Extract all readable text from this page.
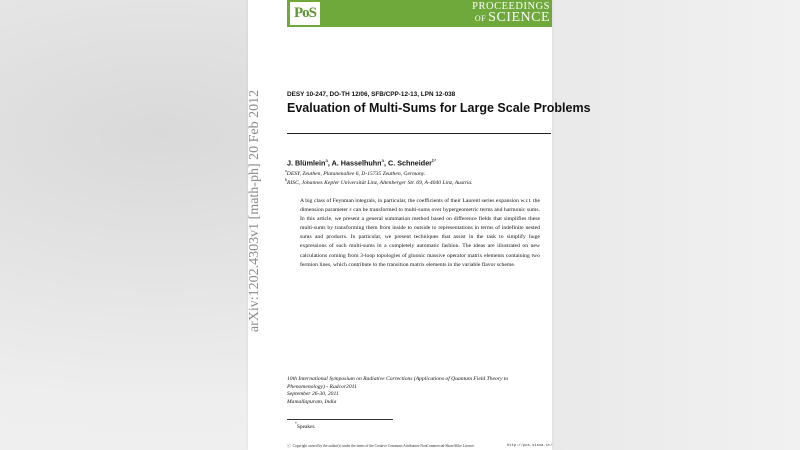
PoS	PROCEEDINGS
OF SCIENCE
arXiv:1202.4303v1 [math-ph] 20 Feb 2012	DESY 10-247, DO-TH 12/06, SFB/CPP-12-13, LPN 12-038
Evaluation of Multi-Sums for Large Scale Problems
J. Blümlein$^a$, A. Hasselhuhn$^a$, C. Schneider$^{b*}$
$^a$DESY, Zeuthen, Platanenallee 6, D-15735 Zeuthen, Germany.
$^b$RISC, Johannes Kepler Universität Linz, Altenberger Str. 69, A-4040 Linz, Austria.
A big class of Feynman integrals, in particular, the coefficients of their Laurent series expansion w.r.t. the dimension parameter ε can be transformed to multi-sums over hypergeometric terms and harmonic sums. In this article, we present a general summation method based on difference fields that simplifies these multi-sums by transforming them from inside to outside to representations in terms of indefinite nested sums and products. In particular, we present techniques that assist in the task to simplify huge expressions of such multi-sums in a completely automatic fashion. The ideas are illustrated on new calculations coming from 3-loop topologies of gluonic massive operator matrix elements containing two fermion lines, which contribute to the transition matrix elements in the variable flavor scheme.
10th International Symposium on Radiative Corrections (Applications of Quantum Field Theory to Phenomenology) - Radcor2011
September 26-30, 2011
Mamallapuram, India
*Speaker.
ⓒ Copyright owned by the author(s) under the terms of the Creative Commons Attribution-NonCommercial-ShareAlike Licence.	http://pos.sissa.it/
